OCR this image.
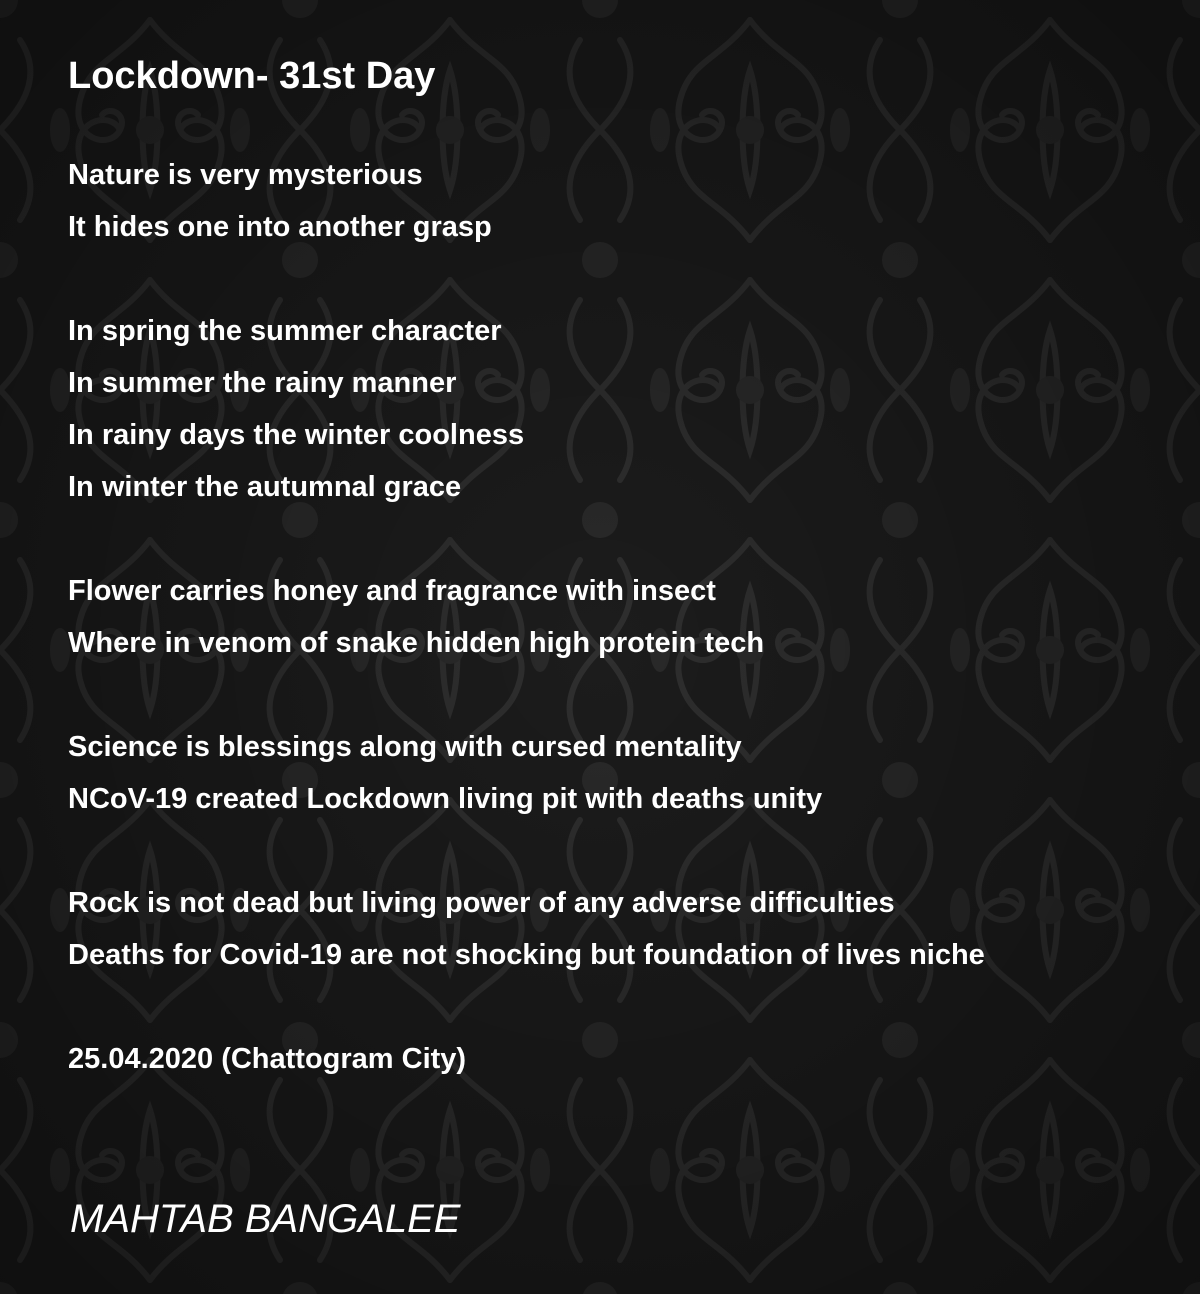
Lockdown- 31st Day

Nature is very mysterious

It hides one into another grasp

In spring the summer character

In summer the rainy manner

In rainy days the winter coolness

In winter the autumnal grace

Flower carries honey and fragrance with insect

Where in venom of snake hidden high protein tech

Science is blessings along with cursed mentality

NCoV-19 created Lockdown living pit with deaths unity

Rock is not dead but living power of any adverse difficulties

Deaths for Covid-19 are not shocking but foundation of lives niche

25.04.2020 (Chattogram City)

MAHTAB BANGALEE
